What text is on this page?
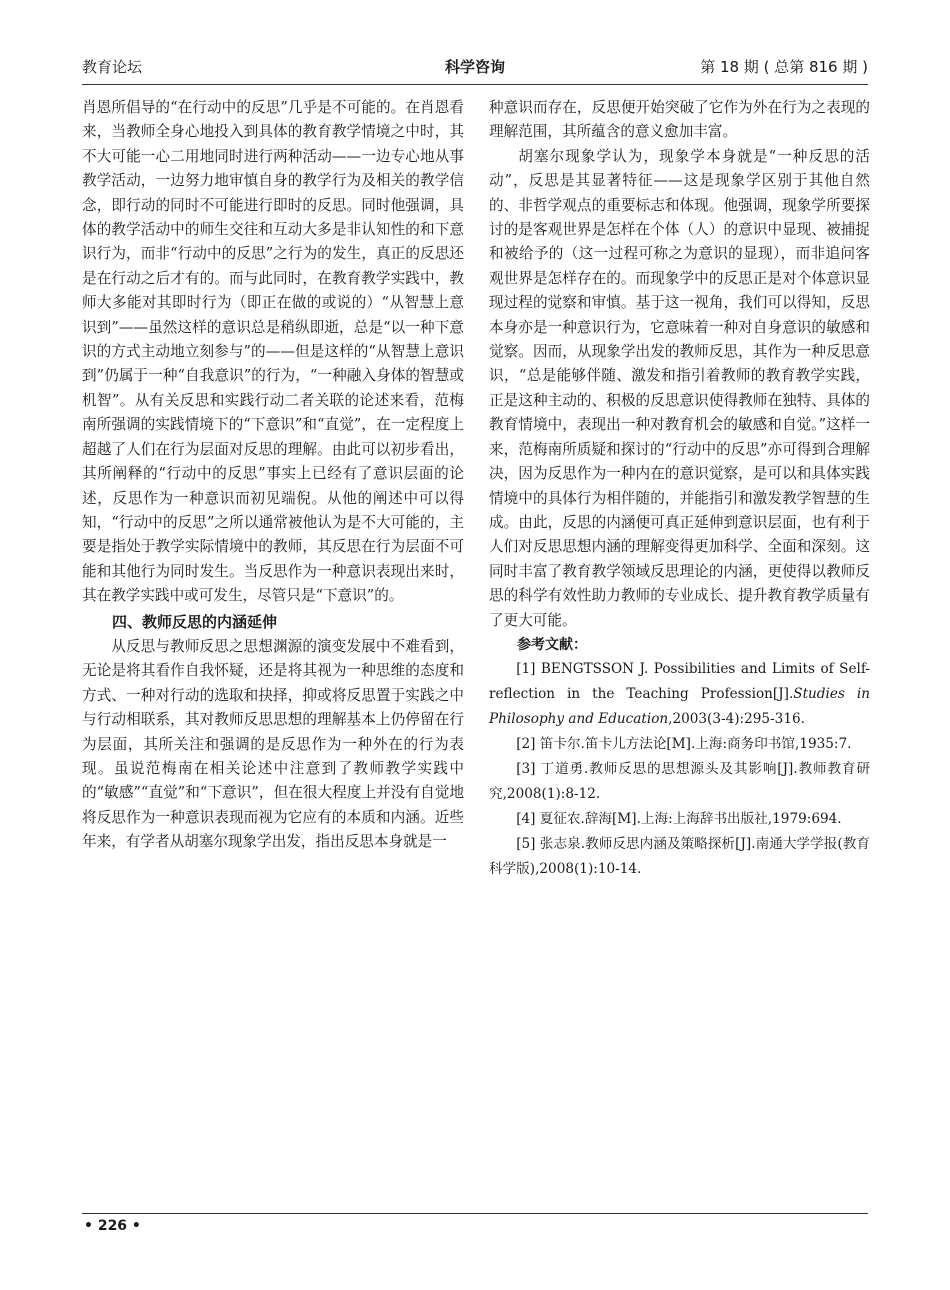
教育论坛	科学咨询	第 18 期 ( 总第 816 期 )

肖恩所倡导的“在行动中的反思”几乎是不可能的。在肖恩看来，当教师全身心地投入到具体的教育教学情境之中时，其不大可能一心二用地同时进行两种活动——一边专心地从事教学活动，一边努力地审慎自身的教学行为及相关的教学信念，即行动的同时不可能进行即时的反思。同时他强调，具体的教学活动中的师生交往和互动大多是非认知性的和下意识行为，而非“行动中的反思”之行为的发生，真正的反思还是在行动之后才有的。而与此同时，在教育教学实践中，教师大多能对其即时行为（即正在做的或说的）“从智慧上意识到”——虽然这样的意识总是稍纵即逝，总是“以一种下意识的方式主动地立刻参与”的——但是这样的“从智慧上意识到”仍属于一种“自我意识”的行为，“一种融入身体的智慧或机智”。从有关反思和实践行动二者关联的论述来看，范梅南所强调的实践情境下的“下意识”和“直觉”，在一定程度上超越了人们在行为层面对反思的理解。由此可以初步看出，其所阐释的“行动中的反思”事实上已经有了意识层面的论述，反思作为一种意识而初见端倪。从他的阐述中可以得知，“行动中的反思”之所以通常被他认为是不大可能的，主要是指处于教学实际情境中的教师，其反思在行为层面不可能和其他行为同时发生。当反思作为一种意识表现出来时，其在教学实践中或可发生，尽管只是“下意识”的。

四、教师反思的内涵延伸

从反思与教师反思之思想渊源的演变发展中不难看到，无论是将其看作自我怀疑，还是将其视为一种思维的态度和方式、一种对行动的选取和抉择，抑或将反思置于实践之中与行动相联系，其对教师反思思想的理解基本上仍停留在行为层面，其所关注和强调的是反思作为一种外在的行为表现。虽说范梅南在相关论述中注意到了教师教学实践中的“敏感”“直觉”和“下意识”，但在很大程度上并没有自觉地将反思作为一种意识表现而视为它应有的本质和内涵。近些年来，有学者从胡塞尔现象学出发，指出反思本身就是一

种意识而存在，反思便开始突破了它作为外在行为之表现的理解范围，其所蕴含的意义愈加丰富。

胡塞尔现象学认为，现象学本身就是“一种反思的活动”，反思是其显著特征——这是现象学区别于其他自然的、非哲学观点的重要标志和体现。他强调，现象学所要探讨的是客观世界是怎样在个体（人）的意识中显现、被捕捉和被给予的（这一过程可称之为意识的显现），而非追问客观世界是怎样存在的。而现象学中的反思正是对个体意识显现过程的觉察和审慎。基于这一视角，我们可以得知，反思本身亦是一种意识行为，它意味着一种对自身意识的敏感和觉察。因而，从现象学出发的教师反思，其作为一种反思意识，“总是能够伴随、激发和指引着教师的教育教学实践，正是这种主动的、积极的反思意识使得教师在独特、具体的教育情境中，表现出一种对教育机会的敏感和自觉。”这样一来，范梅南所质疑和探讨的“行动中的反思”亦可得到合理解决，因为反思作为一种内在的意识觉察，是可以和具体实践情境中的具体行为相伴随的，并能指引和激发教学智慧的生成。由此，反思的内涵便可真正延伸到意识层面，也有利于人们对反思思想内涵的理解变得更加科学、全面和深刻。这同时丰富了教育教学领域反思理论的内涵，更使得以教师反思的科学有效性助力教师的专业成长、提升教育教学质量有了更大可能。

参考文献：

[1] BENGTSSON J. Possibilities and Limits of Self-reflection in the Teaching Profession[J].Studies in Philosophy and Education,2003(3-4):295-316.

[2] 笛卡尔.笛卡儿方法论[M].上海:商务印书馆,1935:7.

[3] 丁道勇.教师反思的思想源头及其影响[J].教师教育研究,2008(1):8-12.

[4] 夏征农.辞海[M].上海:上海辞书出版社,1979:694.

[5] 张志泉.教师反思内涵及策略探析[J].南通大学学报(教育科学版),2008(1):10-14.

• 226 •
